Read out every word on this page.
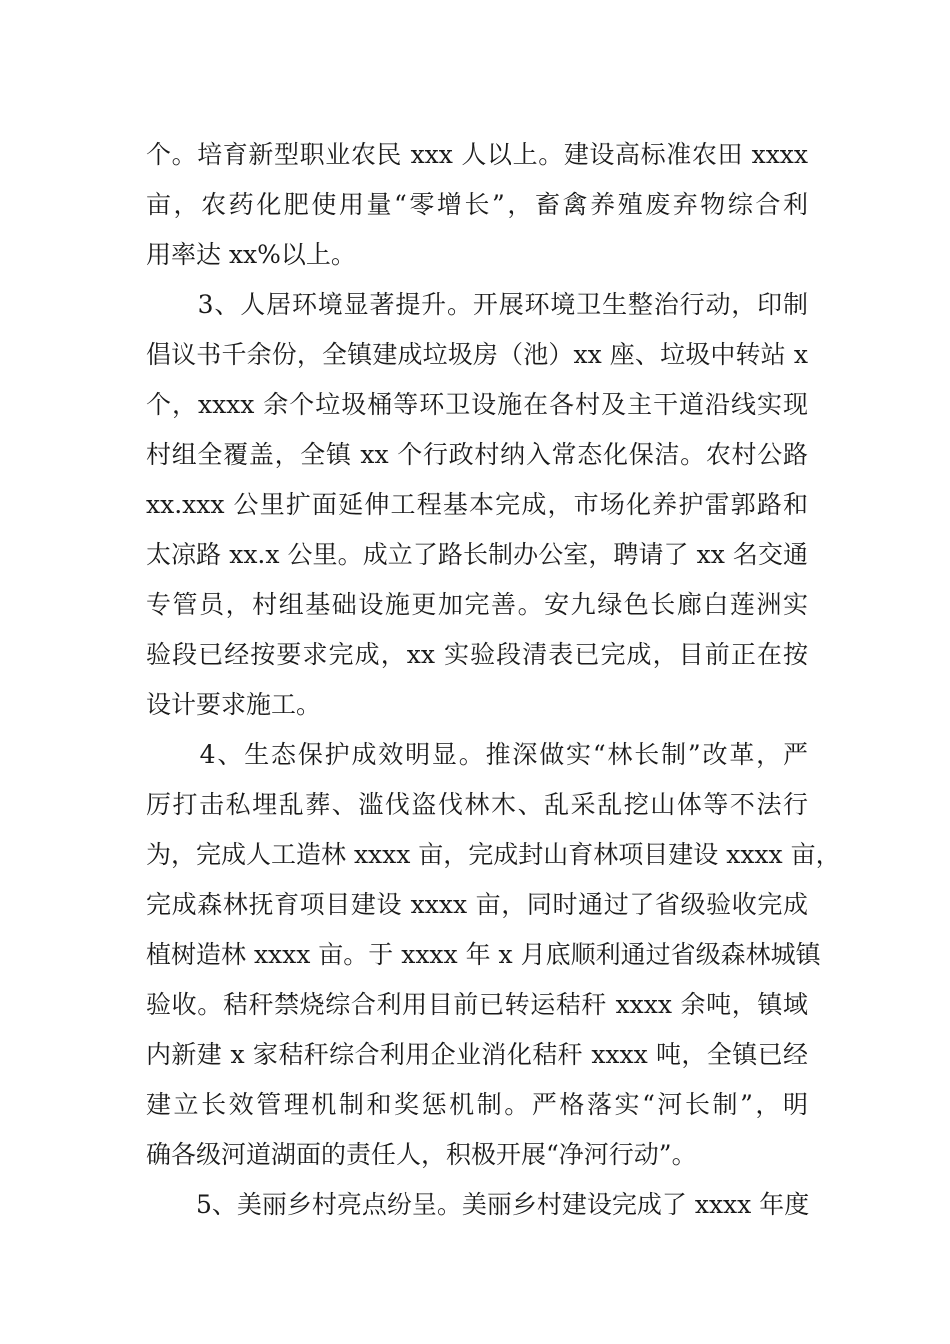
个。培育新型职业农民 xxx 人以上。建设高标准农田 xxxx
亩，农药化肥使用量“零增长”，畜禽养殖废弃物综合利
用率达 xx%以上。
　　3、人居环境显著提升。开展环境卫生整治行动，印制
倡议书千余份，全镇建成垃圾房（池）xx 座、垃圾中转站 x
个，xxxx 余个垃圾桶等环卫设施在各村及主干道沿线实现
村组全覆盖，全镇 xx 个行政村纳入常态化保洁。农村公路
xx.xxx 公里扩面延伸工程基本完成，市场化养护雷郭路和
太凉路 xx.x 公里。成立了路长制办公室，聘请了 xx 名交通
专管员，村组基础设施更加完善。安九绿色长廊白莲洲实
验段已经按要求完成，xx 实验段清表已完成，目前正在按
设计要求施工。
　　4、生态保护成效明显。推深做实“林长制”改革，严
厉打击私埋乱葬、滥伐盗伐林木、乱采乱挖山体等不法行
为，完成人工造林 xxxx 亩，完成封山育林项目建设 xxxx 亩，
完成森林抚育项目建设 xxxx 亩，同时通过了省级验收完成
植树造林 xxxx 亩。于 xxxx 年 x 月底顺利通过省级森林城镇
验收。秸秆禁烧综合利用目前已转运秸秆 xxxx 余吨，镇域
内新建 x 家秸秆综合利用企业消化秸秆 xxxx 吨，全镇已经
建立长效管理机制和奖惩机制。严格落实“河长制”，明
确各级河道湖面的责任人，积极开展“净河行动”。
　　5、美丽乡村亮点纷呈。美丽乡村建设完成了 xxxx 年度
